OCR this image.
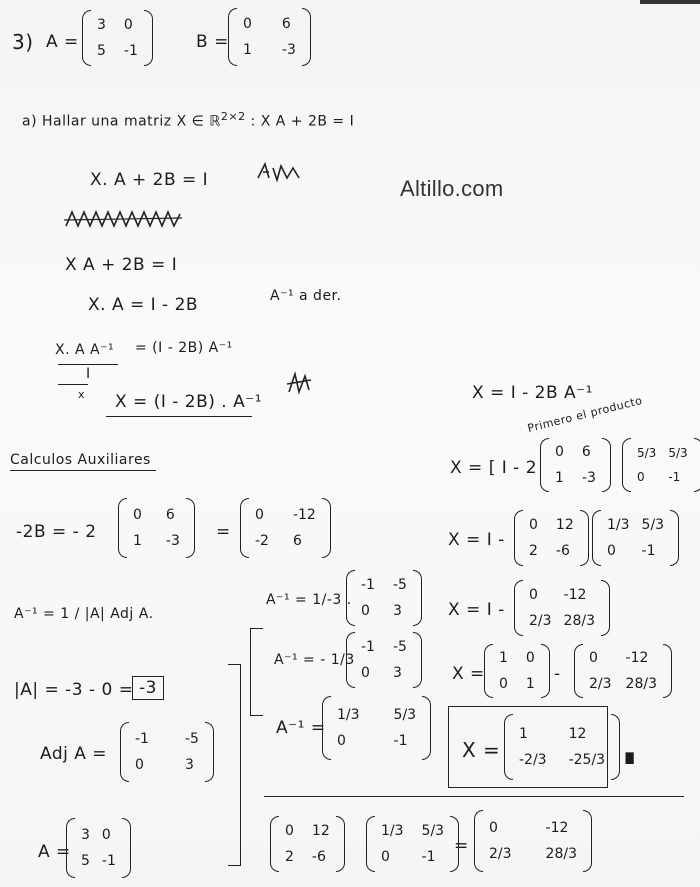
3) A =
3 0
5 -1	B =
0 6
1 -3
a) Hallar una matriz X ∈ ℝ$^{2\times 2}$ : X A + 2B = I
Altillo.com
X. A + 2B = I
X A + 2B = I
X. A = I - 2B	A⁻¹ a der.
X. A A⁻¹ = (I - 2B) A⁻¹
I
x X = (I - 2B) . A⁻¹
Calculos Auxiliares
-2B = - 2
0 6
1 -3 =
0	-12
-2 6
A⁻¹ = 1 / |A| Adj A.
|A| = -3 - 0 = -3
Adj A =
-1	-5
0	3
A =
3 0
5 -1
A⁻¹ = 1/-3 .
-1 -5
0	3
A⁻¹ = - 1/3
-1 -5
0	3
A⁻¹ =
1/3 5/3
0	-1
0 12
2 -6
1/3 5/3
0	-1
=
0	-12
2/3 28/3
X = I - 2B A⁻¹
Primero el producto
X = [ I - 2
0 6
1 -3
5/3 5/3
0	-1
X = I -
0 12
2 -6
1/3 5/3
0	-1
X = I -
0	-12
2/3 28/3
X =
1 0
0 1 -
0	-12
2/3 28/3
X =
1	12
-2/3 -25/3 ∎
